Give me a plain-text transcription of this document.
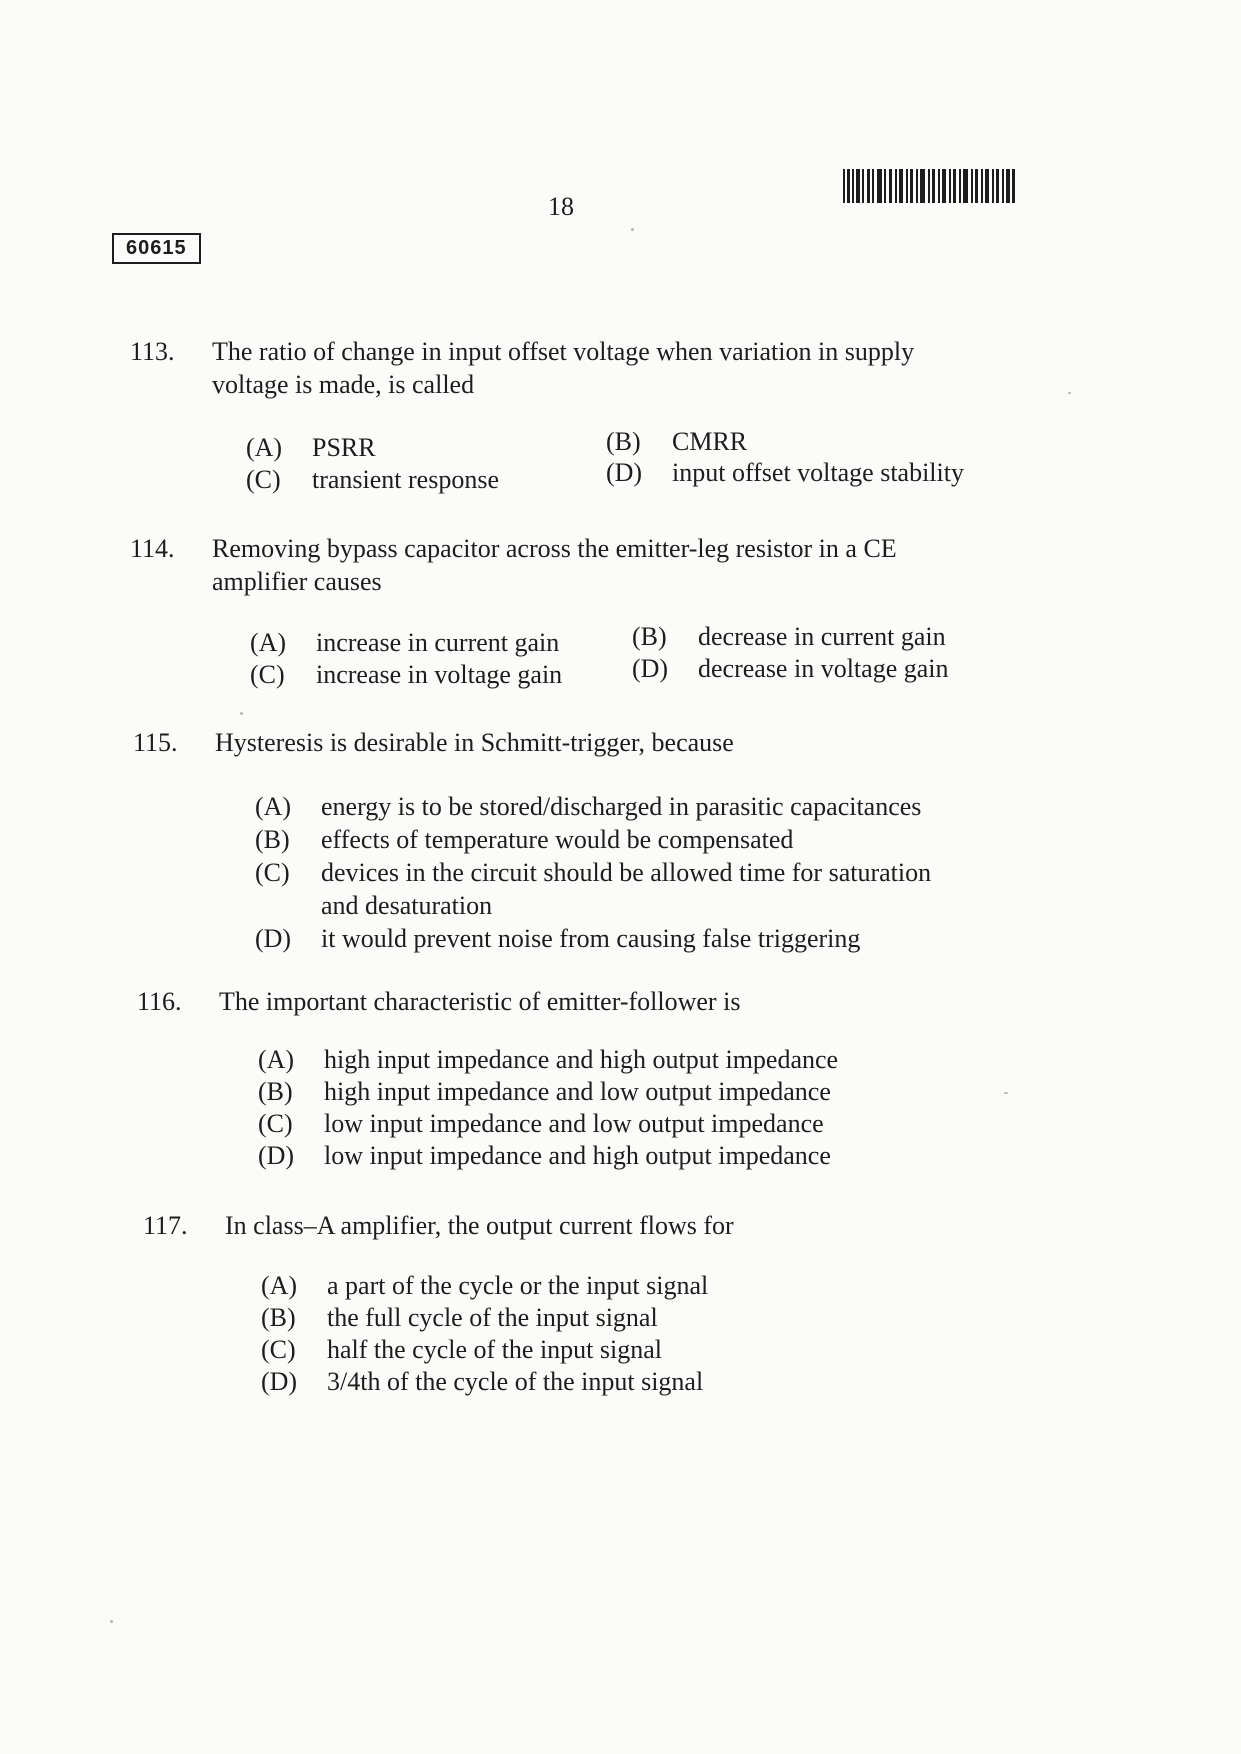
18
60615
113.	The ratio of change in input offset voltage when variation in supply
voltage is made, is called
(A) PSRR	(B) CMRR
(C) transient response	(D) input offset voltage stability
114.	Removing bypass capacitor across the emitter-leg resistor in a CE
amplifier causes
(A) increase in current gain	(B) decrease in current gain
(C) increase in voltage gain	(D) decrease in voltage gain
115.	Hysteresis is desirable in Schmitt-trigger, because
(A) energy is to be stored/discharged in parasitic capacitances
(B) effects of temperature would be compensated
(C) devices in the circuit should be allowed time for saturation
and desaturation
(D) it would prevent noise from causing false triggering
116.	The important characteristic of emitter-follower is
(A) high input impedance and high output impedance
(B) high input impedance and low output impedance
(C) low input impedance and low output impedance
(D) low input impedance and high output impedance
117.	In class–A amplifier, the output current flows for
(A) a part of the cycle or the input signal
(B) the full cycle of the input signal
(C) half the cycle of the input signal
(D) 3/4th of the cycle of the input signal
